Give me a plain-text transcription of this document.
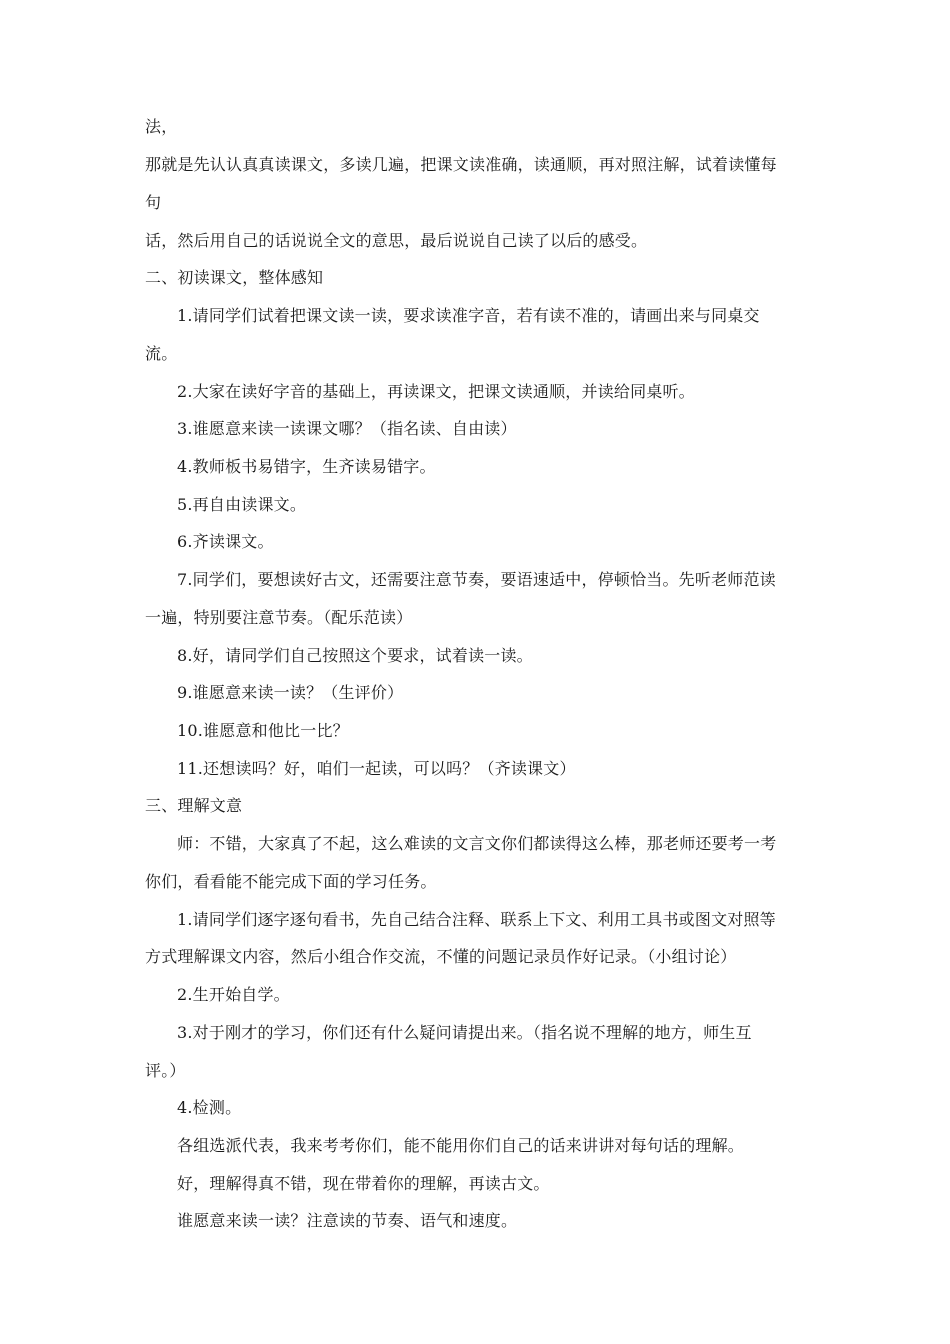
法，
那就是先认认真真读课文，多读几遍，把课文读准确，读通顺，再对照注解，试着读懂每
句
话，然后用自己的话说说全文的意思，最后说说自己读了以后的感受。
二、初读课文，整体感知
1.请同学们试着把课文读一读，要求读准字音，若有读不准的，请画出来与同桌交
流。
2.大家在读好字音的基础上，再读课文，把课文读通顺，并读给同桌听。
3.谁愿意来读一读课文哪？（指名读、自由读）
4.教师板书易错字，生齐读易错字。
5.再自由读课文。
6.齐读课文。
7.同学们，要想读好古文，还需要注意节奏，要语速适中，停顿恰当。先听老师范读
一遍，特别要注意节奏。（配乐范读）
8.好，请同学们自己按照这个要求，试着读一读。
9.谁愿意来读一读？（生评价）
10.谁愿意和他比一比？
11.还想读吗？好，咱们一起读，可以吗？（齐读课文）
三、理解文意
师：不错，大家真了不起，这么难读的文言文你们都读得这么棒，那老师还要考一考
你们，看看能不能完成下面的学习任务。
1.请同学们逐字逐句看书，先自己结合注释、联系上下文、利用工具书或图文对照等
方式理解课文内容，然后小组合作交流，不懂的问题记录员作好记录。（小组讨论）
2.生开始自学。
3.对于刚才的学习，你们还有什么疑问请提出来。（指名说不理解的地方，师生互
评。）
4.检测。
各组选派代表，我来考考你们，能不能用你们自己的话来讲讲对每句话的理解。
好，理解得真不错，现在带着你的理解，再读古文。
谁愿意来读一读？注意读的节奏、语气和速度。
